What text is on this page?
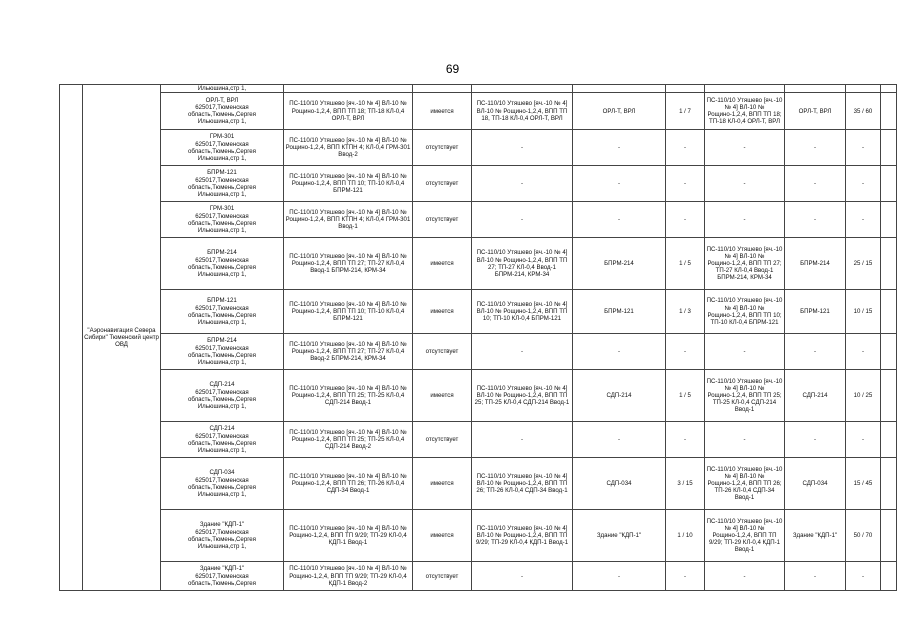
69
	"Аэронавигация Севера Сибири" Тюменский центр ОВД	Ильюшина,стр 1,									

		ОРЛ-Т, ВРЛ
625017,Тюменская
область,Тюмень,Сергея
Ильюшина,стр 1,	ПС-110/10 Утяшево [яч.-10 № 4] ВЛ-10 № Рощино-1,2,4, ВПП ТП 18; ТП-18 КЛ-0,4 ОРЛ-Т, ВРЛ	имеется	ПС-110/10 Утяшево [яч.-10 № 4] ВЛ-10 № Рощино-1,2,4, ВПП ТП 18, ТП-18 КЛ-0,4 ОРЛ-Т, ВРЛ	ОРЛ-Т, ВРЛ	1 / 7	ПС-110/10 Утяшево [яч.-10 № 4] ВЛ-10 № Рощино-1,2,4, ВПП ТП 18; ТП-18 КЛ-0,4 ОРЛ-Т, ВРЛ	ОРЛ-Т, ВРЛ	35 / 60	

		ГРМ-301
625017,Тюменская
область,Тюмень,Сергея
Ильюшина,стр 1,	ПС-110/10 Утяшево [яч.-10 № 4] ВЛ-10 № Рощино-1,2,4, ВПП КТПН 4; КЛ-0,4 ГРМ-301 Ввод-2	отсутствует	-	-	-	-	-	-	

		БПРМ-121
625017,Тюменская
область,Тюмень,Сергея
Ильюшина,стр 1,	ПС-110/10 Утяшево [яч.-10 № 4] ВЛ-10 № Рощино-1,2,4, ВПП ТП 10; ТП-10 КЛ-0,4 БПРМ-121	отсутствует	-	-	-	-	-	-	

		ГРМ-301
625017,Тюменская
область,Тюмень,Сергея
Ильюшина,стр 1,	ПС-110/10 Утяшево [яч.-10 № 4] ВЛ-10 № Рощино-1,2,4, ВПП КТПН 4; КЛ-0,4 ГРМ-301 Ввод-1	отсутствует	-	-	-	-	-	-	

		БПРМ-214
625017,Тюменская
область,Тюмень,Сергея
Ильюшина,стр 1,	ПС-110/10 Утяшево [яч.-10 № 4] ВЛ-10 № Рощино-1,2,4, ВПП ТП 27; ТП-27 КЛ-0,4 Ввод-1 БПРМ-214, КРМ-34	имеется	ПС-110/10 Утяшево [яч.-10 № 4] ВЛ-10 № Рощино-1,2,4, ВПП ТП 27; ТП-27 КЛ-0,4 Ввод-1 БПРМ-214, КРМ-34	БПРМ-214	1 / 5	ПС-110/10 Утяшево [яч.-10 № 4] ВЛ-10 № Рощино-1,2,4, ВПП ТП 27; ТП-27 КЛ-0,4 Ввод-1 БПРМ-214, КРМ-34	БПРМ-214	25 / 15	

		БПРМ-121
625017,Тюменская
область,Тюмень,Сергея
Ильюшина,стр 1,	ПС-110/10 Утяшево [яч.-10 № 4] ВЛ-10 № Рощино-1,2,4, ВПП ТП 10; ТП-10 КЛ-0,4 БПРМ-121	имеется	ПС-110/10 Утяшево [яч.-10 № 4] ВЛ-10 № Рощино-1,2,4, ВПП ТП 10; ТП-10 КЛ-0,4 БПРМ-121	БПРМ-121	1 / 3	ПС-110/10 Утяшево [яч.-10 № 4] ВЛ-10 № Рощино-1,2,4, ВПП ТП 10; ТП-10 КЛ-0,4 БПРМ-121	БПРМ-121	10 / 15	

		БПРМ-214
625017,Тюменская
область,Тюмень,Сергея
Ильюшина,стр 1,	ПС-110/10 Утяшево [яч.-10 № 4] ВЛ-10 № Рощино-1,2,4, ВПП ТП 27; ТП-27 КЛ-0,4 Ввод-2 БПРМ-214, КРМ-34	отсутствует	-	-	-	-	-	-	

		СДП-214
625017,Тюменская
область,Тюмень,Сергея
Ильюшина,стр 1,	ПС-110/10 Утяшево [яч.-10 № 4] ВЛ-10 № Рощино-1,2,4, ВПП ТП 25; ТП-25 КЛ-0,4 СДП-214 Ввод-1	имеется	ПС-110/10 Утяшево [яч.-10 № 4] ВЛ-10 № Рощино-1,2,4, ВПП ТП 25; ТП-25 КЛ-0,4 СДП-214 Ввод-1	СДП-214	1 / 5	ПС-110/10 Утяшево [яч.-10 № 4] ВЛ-10 № Рощино-1,2,4, ВПП ТП 25; ТП-25 КЛ-0,4 СДП-214 Ввод-1	СДП-214	10 / 25	

		СДП-214
625017,Тюменская
область,Тюмень,Сергея
Ильюшина,стр 1,	ПС-110/10 Утяшево [яч.-10 № 4] ВЛ-10 № Рощино-1,2,4, ВПП ТП 25; ТП-25 КЛ-0,4 СДП-214 Ввод-2	отсутствует	-	-	-	-	-	-	

		СДП-034
625017,Тюменская
область,Тюмень,Сергея
Ильюшина,стр 1,	ПС-110/10 Утяшево [яч.-10 № 4] ВЛ-10 № Рощино-1,2,4, ВПП ТП 26; ТП-26 КЛ-0,4 СДП-34 Ввод-1	имеется	ПС-110/10 Утяшево [яч.-10 № 4] ВЛ-10 № Рощино-1,2,4, ВПП ТП 26; ТП-26 КЛ-0,4 СДП-34 Ввод-1	СДП-034	3 / 15	ПС-110/10 Утяшево [яч.-10 № 4] ВЛ-10 № Рощино-1,2,4, ВПП ТП 26; ТП-26 КЛ-0,4 СДП-34 Ввод-1	СДП-034	15 / 45	

		Здание "КДП-1"
625017,Тюменская
область,Тюмень,Сергея
Ильюшина,стр 1,	ПС-110/10 Утяшево [яч.-10 № 4] ВЛ-10 № Рощино-1,2,4, ВПП ТП 9/29; ТП-29 КЛ-0,4 КДП-1 Ввод-1	имеется	ПС-110/10 Утяшево [яч.-10 № 4] ВЛ-10 № Рощино-1,2,4, ВПП ТП 9/29; ТП-29 КЛ-0,4 КДП-1 Ввод-1	Здание "КДП-1"	1 / 10	ПС-110/10 Утяшево [яч.-10 № 4] ВЛ-10 № Рощино-1,2,4, ВПП ТП 9/29; ТП-29 КЛ-0,4 КДП-1 Ввод-1	Здание "КДП-1"	50 / 70	

		Здание "КДП-1"
625017,Тюменская
область,Тюмень,Сергея	ПС-110/10 Утяшево [яч.-10 № 4] ВЛ-10 № Рощино-1,2,4, ВПП ТП 9/29; ТП-29 КЛ-0,4 КДП-1 Ввод-2	отсутствует	-	-	-	-	-	-	
